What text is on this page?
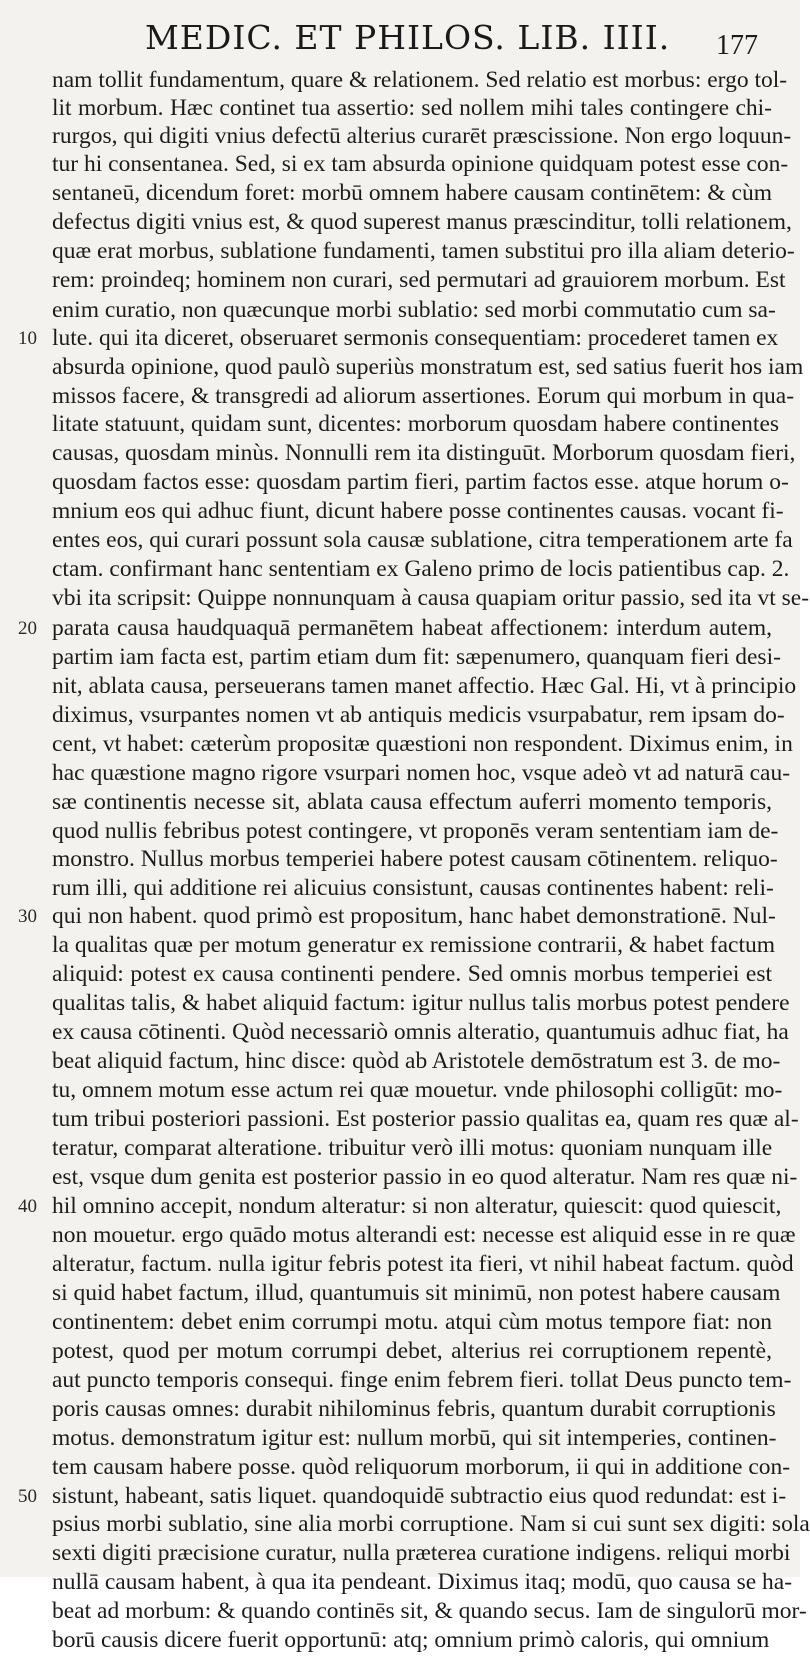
MEDIC. ET PHILOS. LIB. IIII. 177
nam tollit fundamentum, quare & relationem. Sed relatio est morbus: ergo tol-
lit morbum. Hæc continet tua assertio: sed nollem mihi tales contingere chi-
rurgos, qui digiti vnius defectū alterius curarēt præscissione. Non ergo loquun-
tur hi consentanea. Sed, si ex tam absurda opinione quidquam potest esse con-
sentaneū, dicendum foret: morbū omnem habere causam continētem: & cùm
defectus digiti vnius est, & quod superest manus præscinditur, tolli relationem,
quæ erat morbus, sublatione fundamenti, tamen substitui pro illa aliam deterio-
rem: proindeq; hominem non curari, sed permutari ad grauiorem morbum. Est
enim curatio, non quæcunque morbi sublatio: sed morbi commutatio cum sa-
lute. qui ita diceret, obseruaret sermonis consequentiam: procederet tamen ex
absurda opinione, quod paulò superiùs monstratum est, sed satius fuerit hos iam
missos facere, & transgredi ad aliorum assertiones. Eorum qui morbum in qua-
litate statuunt, quidam sunt, dicentes: morborum quosdam habere continentes
causas, quosdam minùs. Nonnulli rem ita distinguūt. Morborum quosdam fieri,
quosdam factos esse: quosdam partim fieri, partim factos esse. atque horum o-
mnium eos qui adhuc fiunt, dicunt habere posse continentes causas. vocant fi-
entes eos, qui curari possunt sola causæ sublatione, citra temperationem arte fa
ctam. confirmant hanc sententiam ex Galeno primo de locis patientibus cap. 2.
vbi ita scripsit: Quippe nonnunquam à causa quapiam oritur passio, sed ita vt se-
parata causa haudquaquā permanētem habeat affectionem: interdum autem,
partim iam facta est, partim etiam dum fit: sæpenumero, quanquam fieri desi-
nit, ablata causa, perseuerans tamen manet affectio. Hæc Gal. Hi, vt à principio
diximus, vsurpantes nomen vt ab antiquis medicis vsurpabatur, rem ipsam do-
cent, vt habet: cæterùm propositæ quæstioni non respondent. Diximus enim, in
hac quæstione magno rigore vsurpari nomen hoc, vsque adeò vt ad naturā cau-
sæ continentis necesse sit, ablata causa effectum auferri momento temporis,
quod nullis febribus potest contingere, vt proponēs veram sententiam iam de-
monstro. Nullus morbus temperiei habere potest causam cōtinentem. reliquo-
rum illi, qui additione rei alicuius consistunt, causas continentes habent: reli-
qui non habent. quod primò est propositum, hanc habet demonstrationē. Nul-
la qualitas quæ per motum generatur ex remissione contrarii, & habet factum
aliquid: potest ex causa continenti pendere. Sed omnis morbus temperiei est
qualitas talis, & habet aliquid factum: igitur nullus talis morbus potest pendere
ex causa cōtinenti. Quòd necessariò omnis alteratio, quantumuis adhuc fiat, ha
beat aliquid factum, hinc disce: quòd ab Aristotele demōstratum est 3. de mo-
tu, omnem motum esse actum rei quæ mouetur. vnde philosophi colligūt: mo-
tum tribui posteriori passioni. Est posterior passio qualitas ea, quam res quæ al-
teratur, comparat alteratione. tribuitur verò illi motus: quoniam nunquam ille
est, vsque dum genita est posterior passio in eo quod alteratur. Nam res quæ ni-
hil omnino accepit, nondum alteratur: si non alteratur, quiescit: quod quiescit,
non mouetur. ergo quādo motus alterandi est: necesse est aliquid esse in re quæ
alteratur, factum. nulla igitur febris potest ita fieri, vt nihil habeat factum. quòd
si quid habet factum, illud, quantumuis sit minimū, non potest habere causam
continentem: debet enim corrumpi motu. atqui cùm motus tempore fiat: non
potest, quod per motum corrumpi debet, alterius rei corruptionem repentè,
aut puncto temporis consequi. finge enim febrem fieri. tollat Deus puncto tem-
poris causas omnes: durabit nihilominus febris, quantum durabit corruptionis
motus. demonstratum igitur est: nullum morbū, qui sit intemperies, continen-
tem causam habere posse. quòd reliquorum morborum, ii qui in additione con-
sistunt, habeant, satis liquet. quandoquidē subtractio eius quod redundat: est i-
psius morbi sublatio, sine alia morbi corruptione. Nam si cui sunt sex digiti: sola
sexti digiti præcisione curatur, nulla præterea curatione indigens. reliqui morbi
nullā causam habent, à qua ita pendeant. Diximus itaq; modū, quo causa se ha-
beat ad morbum: & quando continēs sit, & quando secus. Iam de singulorū mor-
borū causis dicere fuerit opportunū: atq; omnium primò caloris, qui omnium
10
20
30
40
50
